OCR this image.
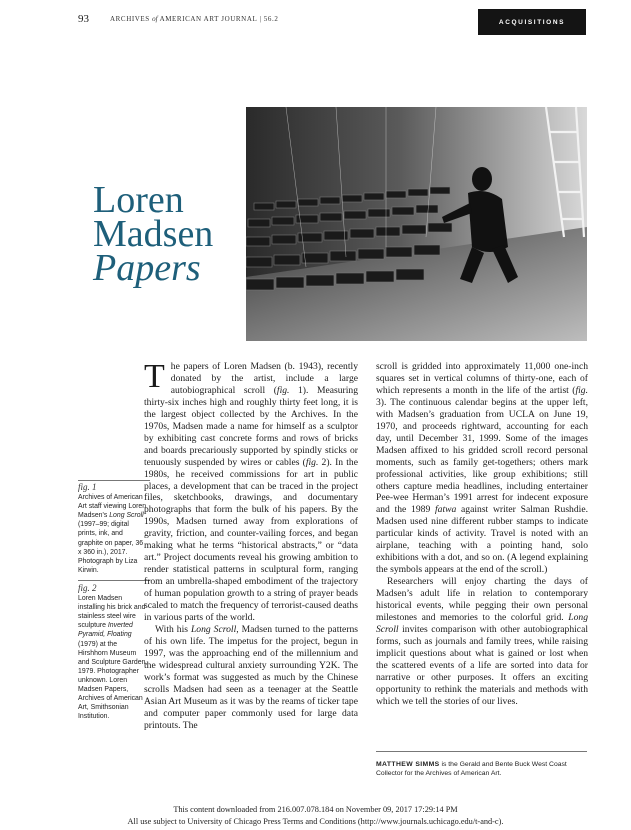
93	ARCHIVES of AMERICAN ART JOURNAL | 56.2	ACQUISITIONS
Loren
Madsen
Papers
fig. 1
Archives of American Art staff viewing Loren Madsen's Long Scroll (1997–99; digital prints, ink, and graphite on paper, 36 x 360 in.), 2017. Photograph by Liza Kirwin.
fig. 2
Loren Madsen installing his brick and stainless steel wire sculpture Inverted Pyramid, Floating (1979) at the Hirshhorn Museum and Sculpture Garden, 1979. Photographer unknown. Loren Madsen Papers, Archives of American Art, Smithsonian Institution.

The papers of Loren Madsen (b. 1943), recently donated by the artist, include a large autobiographical scroll (fig. 1). Measuring thirty-six inches high and roughly thirty feet long, it is the largest object collected by the Archives. In the 1970s, Madsen made a name for himself as a sculptor by exhibiting cast concrete forms and rows of bricks and boards precariously supported by spindly sticks or tenuously suspended by wires or cables (fig. 2). In the 1980s, he received commissions for art in public places, a development that can be traced in the project files, sketchbooks, drawings, and documentary photographs that form the bulk of his papers. By the 1990s, Madsen turned away from explorations of gravity, friction, and counter-vailing forces, and began making what he terms “historical abstracts,” or “data art.” Project documents reveal his growing ambition to render statistical patterns in sculptural form, ranging from an umbrella-shaped embodiment of the trajectory of human population growth to a string of prayer beads scaled to match the frequency of terrorist-caused deaths in various parts of the world.

With his Long Scroll, Madsen turned to the patterns of his own life. The impetus for the project, begun in 1997, was the approaching end of the millennium and the widespread cultural anxiety surrounding Y2K. The work’s format was suggested as much by the Chinese scrolls Madsen had seen as a teenager at the Seattle Asian Art Museum as it was by the reams of ticker tape and computer paper commonly used for large data printouts. The

scroll is gridded into approximately 11,000 one-inch squares set in vertical columns of thirty-one, each of which represents a month in the life of the artist (fig. 3). The continuous calendar begins at the upper left, with Madsen’s graduation from UCLA on June 19, 1970, and proceeds rightward, accounting for each day, until December 31, 1999. Some of the images Madsen affixed to his gridded scroll record personal moments, such as family get-togethers; others mark professional activities, like group exhibitions; still others capture media headlines, including entertainer Pee-wee Herman’s 1991 arrest for indecent exposure and the 1989 fatwa against writer Salman Rushdie. Madsen used nine different rubber stamps to indicate particular kinds of activity. Travel is noted with an airplane, teaching with a pointing hand, solo exhibitions with a dot, and so on. (A legend explaining the symbols appears at the end of the scroll.)

Researchers will enjoy charting the days of Madsen’s adult life in relation to contemporary historical events, while pegging their own personal milestones and memories to the colorful grid. Long Scroll invites comparison with other autobiographical forms, such as journals and family trees, while raising implicit questions about what is gained or lost when the scattered events of a life are sorted into data for narrative or other purposes. It offers an exciting opportunity to rethink the materials and methods with which we tell the stories of our lives.

MATTHEW SIMMS is the Gerald and Bente Buck West Coast Collector for the Archives of American Art.
This content downloaded from 216.007.078.184 on November 09, 2017 17:29:14 PM
All use subject to University of Chicago Press Terms and Conditions (http://www.journals.uchicago.edu/t-and-c).
